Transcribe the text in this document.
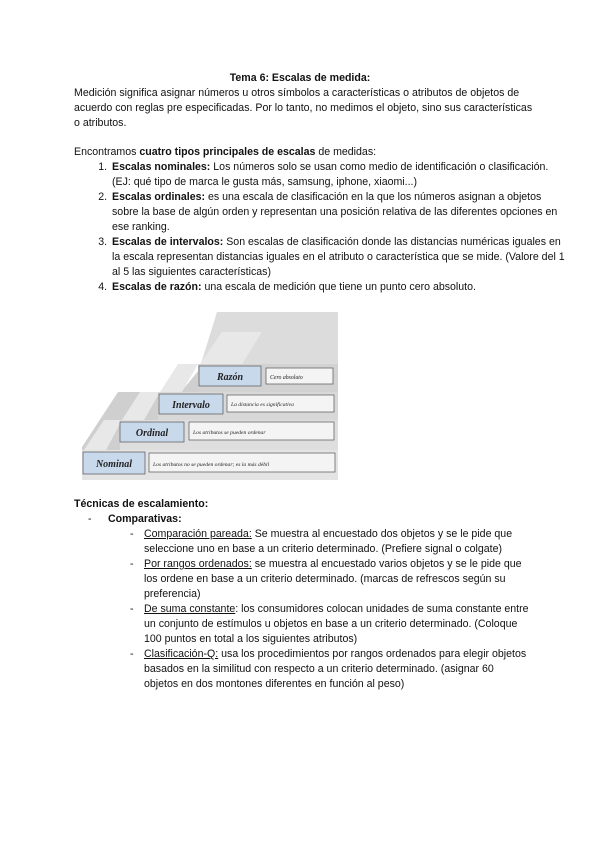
Tema 6: Escalas de medida:
Medición significa asignar números u otros símbolos a características o atributos de objetos de acuerdo con reglas pre especificadas. Por lo tanto, no medimos el objeto, sino sus características o atributos.
Encontramos cuatro tipos principales de escalas de medidas:
1. Escalas nominales: Los números solo se usan como medio de identificación o clasificación. (EJ: qué tipo de marca le gusta más, samsung, iphone, xiaomi...)
2. Escalas ordinales: es una escala de clasificación en la que los números asignan a objetos sobre la base de algún orden y representan una posición relativa de las diferentes opciones en ese ranking.
3. Escalas de intervalos: Son escalas de clasificación donde las distancias numéricas iguales en la escala representan distancias iguales en el atributo o característica que se mide. (Valore del 1 al 5 las siguientes características)
4. Escalas de razón: una escala de medición que tiene un punto cero absoluto.
Nominal	Los atributos no se pueden ordenar; es la más débil
Ordinal	Los atributos se pueden ordenar
Intervalo	La distancia es significativa
Razón	Cero absoluto
Técnicas de escalamiento:
- Comparativas:
- Comparación pareada: Se muestra al encuestado dos objetos y se le pide que seleccione uno en base a un criterio determinado. (Prefiere signal o colgate)
- Por rangos ordenados: se muestra al encuestado varios objetos y se le pide que los ordene en base a un criterio determinado. (marcas de refrescos según su preferencia)
- De suma constante: los consumidores colocan unidades de suma constante entre un conjunto de estímulos u objetos en base a un criterio determinado. (Coloque 100 puntos en total a los siguientes atributos)
- Clasificación-Q: usa los procedimientos por rangos ordenados para elegir objetos basados en la similitud con respecto a un criterio determinado. (asignar 60 objetos en dos montones diferentes en función al peso)
